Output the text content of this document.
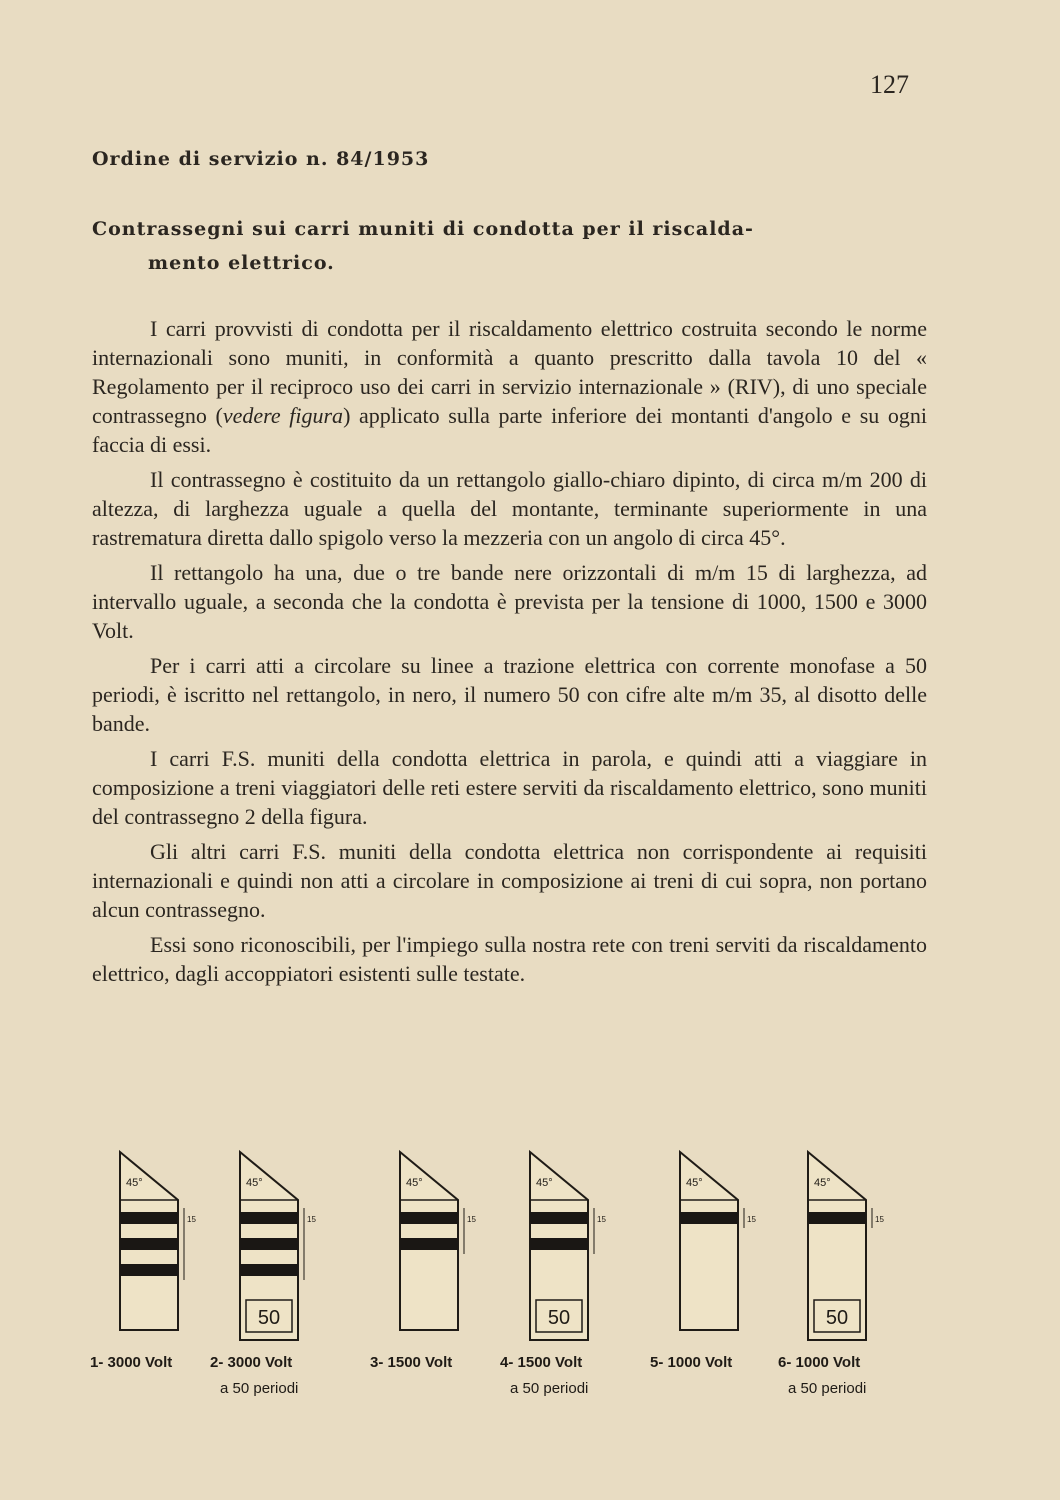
127
Ordine di servizio n. 84/1953
Contrassegni sui carri muniti di condotta per il riscalda-
mento elettrico.

I carri provvisti di condotta per il riscaldamento elettrico costruita secondo le norme internazionali sono muniti, in conformità a quanto prescritto dalla tavola 10 del « Regolamento per il reciproco uso dei carri in servizio internazionale » (RIV), di uno speciale contrassegno (vedere figura) applicato sulla parte inferiore dei montanti d'angolo e su ogni faccia di essi.

Il contrassegno è costituito da un rettangolo giallo-chiaro dipinto, di circa m/m 200 di altezza, di larghezza uguale a quella del montante, terminante superiormente in una rastrematura diretta dallo spigolo verso la mezzeria con un angolo di circa 45°.

Il rettangolo ha una, due o tre bande nere orizzontali di m/m 15 di larghezza, ad intervallo uguale, a seconda che la condotta è prevista per la tensione di 1000, 1500 e 3000 Volt.

Per i carri atti a circolare su linee a trazione elettrica con corrente monofase a 50 periodi, è iscritto nel rettangolo, in nero, il numero 50 con cifre alte m/m 35, al disotto delle bande.

I carri F.S. muniti della condotta elettrica in parola, e quindi atti a viaggiare in composizione a treni viaggiatori delle reti estere serviti da riscaldamento elettrico, sono muniti del contrassegno 2 della figura.

Gli altri carri F.S. muniti della condotta elettrica non corrispondente ai requisiti internazionali e quindi non atti a circolare in composizione ai treni di cui sopra, non portano alcun contrassegno.

Essi sono riconoscibili, per l'impiego sulla nostra rete con treni serviti da riscaldamento elettrico, dagli accoppiatori esistenti sulle testate.

45°
15
45°
15
50
45°
15
45°
15
50
45°
15
45°
15
50
1- 3000 Volt	2- 3000 Volt
a 50 periodi
3- 1500 Volt	4- 1500 Volt
a 50 periodi
5- 1000 Volt	6- 1000 Volt
a 50 periodi
